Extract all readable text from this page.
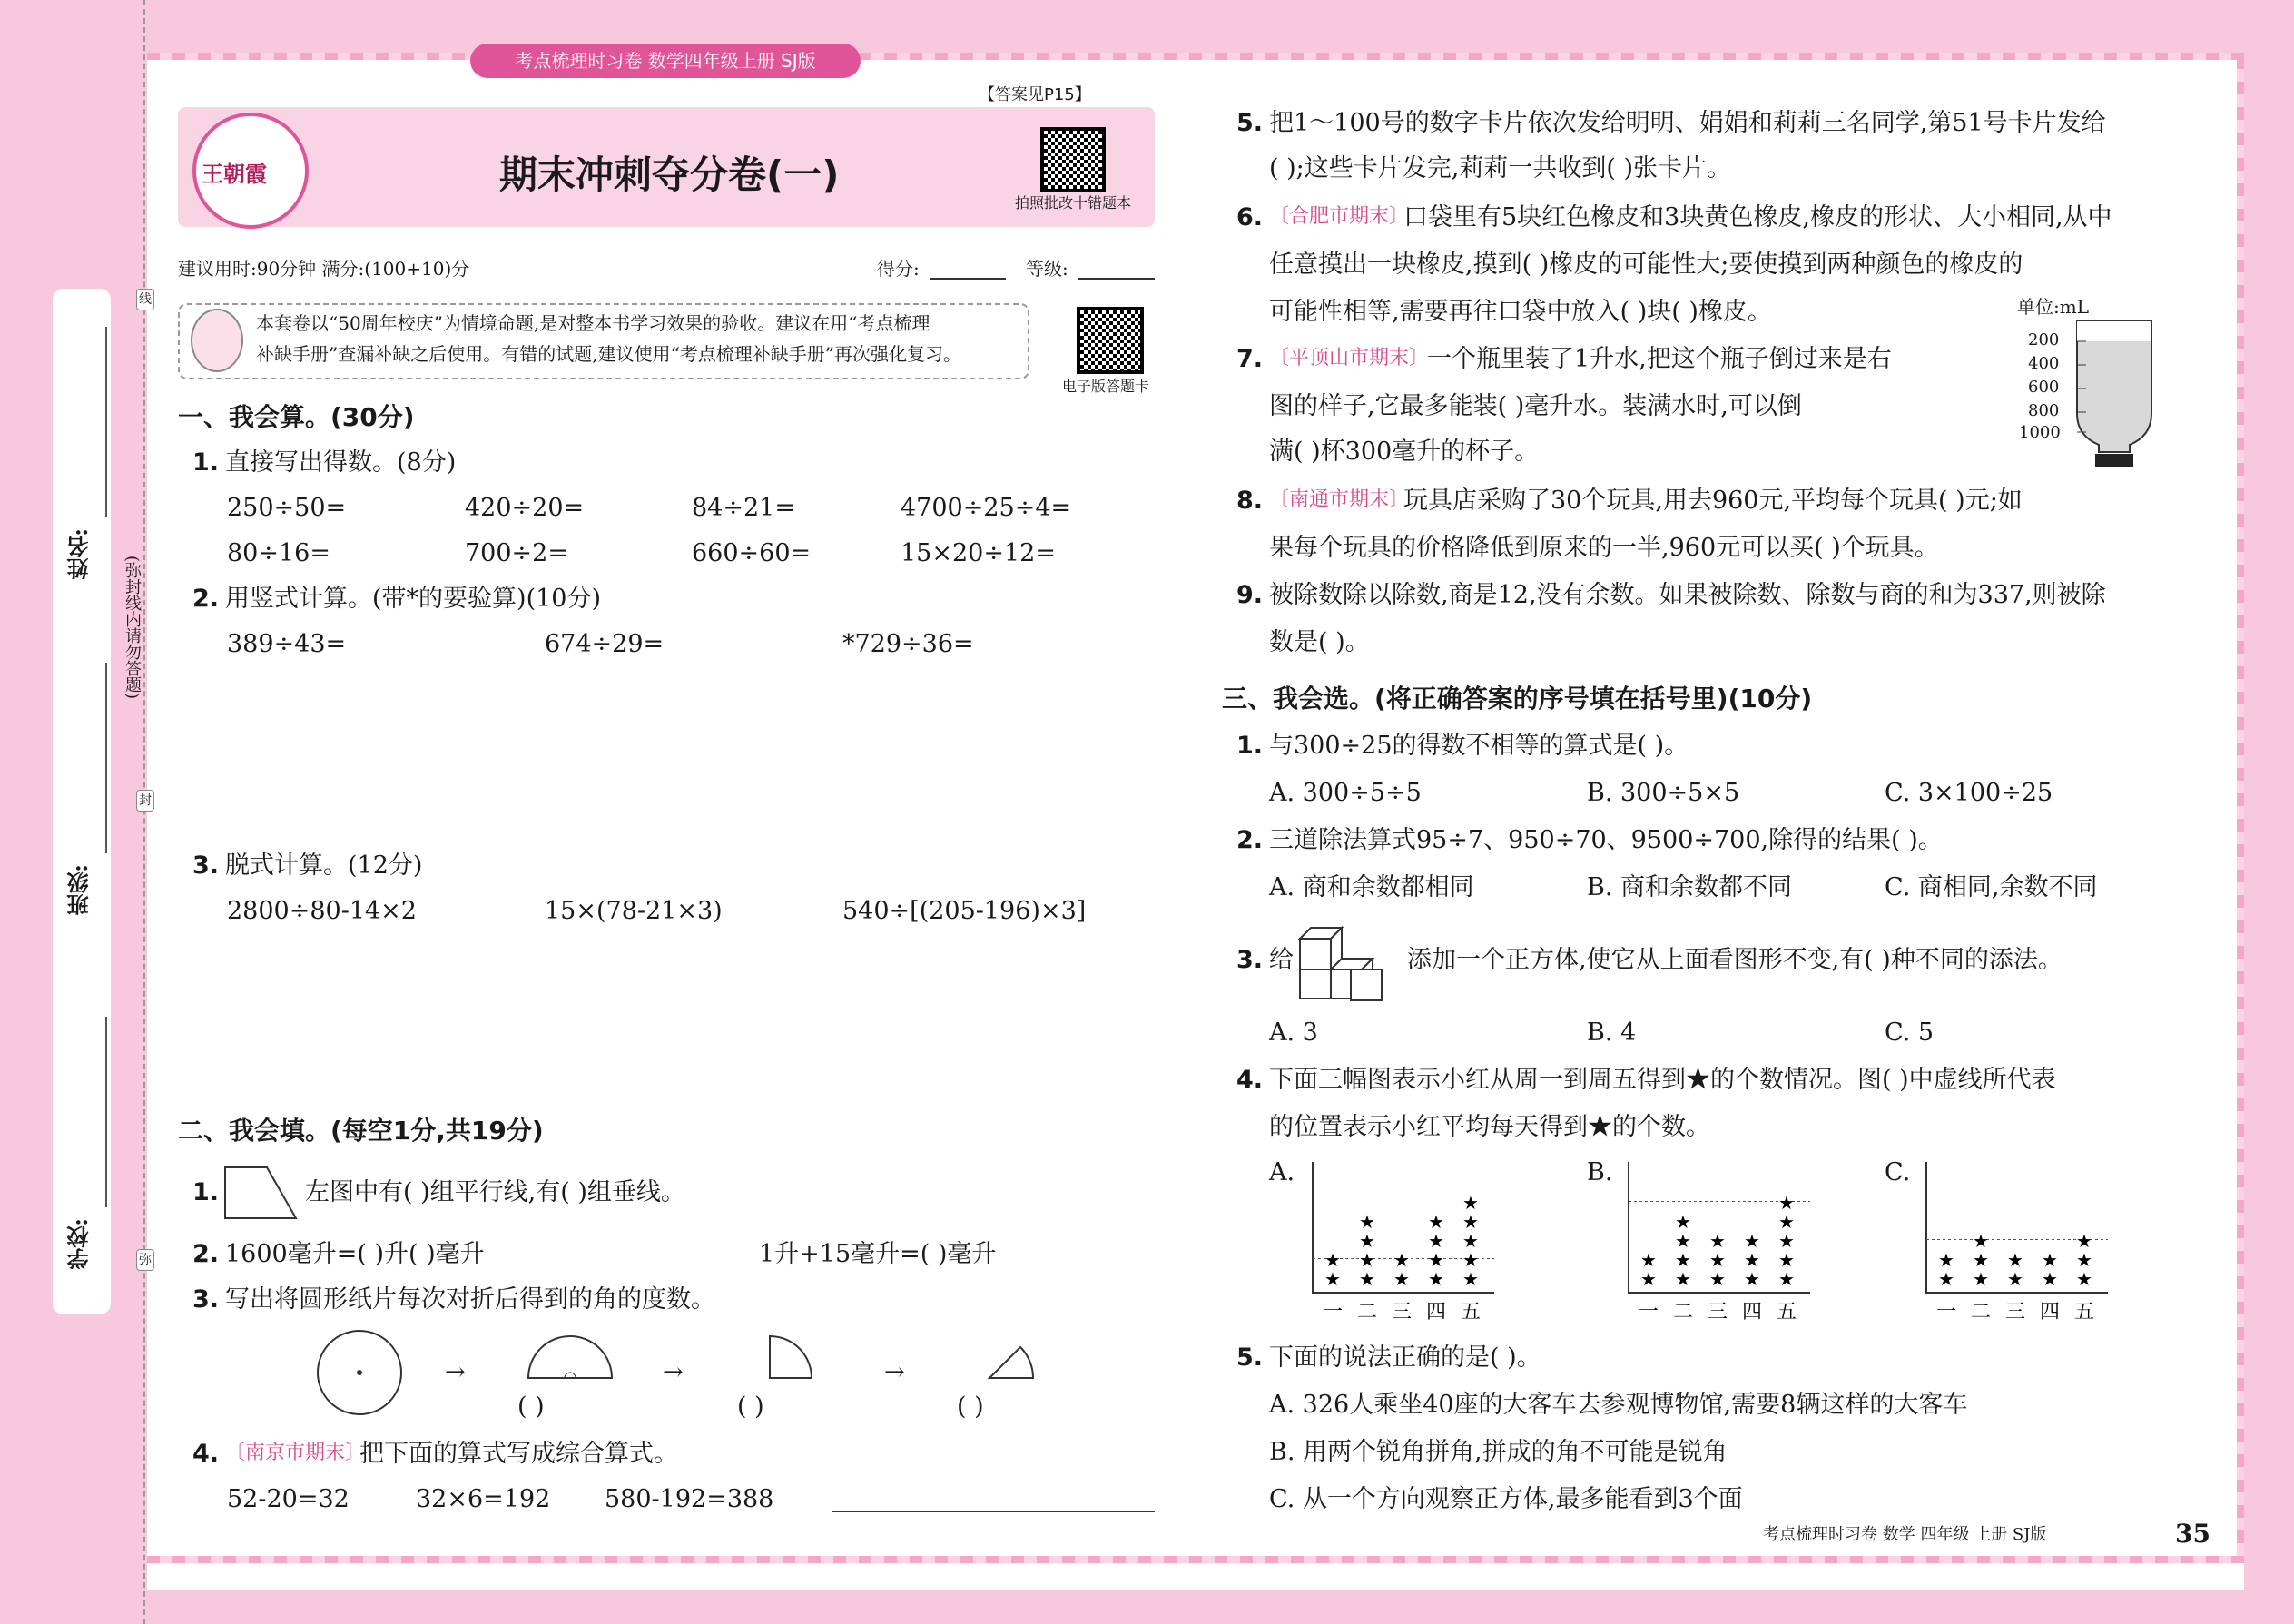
线
封
弥
姓名:
班级:
学校:
(弥封线内请勿答题)
考点梳理时习卷 数学四年级上册 SJ版
【答案见P15】
王朝霞	期末冲刺夺分卷(一)
拍照批改十错题本
建议用时:90分钟 满分:(100+10)分	得分:	等级:
本套卷以“50周年校庆”为情境命题,是对整本书学习效果的验收。建议在用“考点梳理
补缺手册”查漏补缺之后使用。有错的试题,建议使用“考点梳理补缺手册”再次强化复习。
电子版答题卡
一、我会算。(30分)
1. 直接写出得数。(8分)
250÷50=	420÷20=	84÷21=	4700÷25÷4=
80÷16=	700÷2=	660÷60=	15×20÷12=
2. 用竖式计算。(带*的要验算)(10分)
389÷43=	674÷29=	*729÷36=
3. 脱式计算。(12分)
2800÷80-14×2	15×(78-21×3)	540÷[(205-196)×3]
二、我会填。(每空1分,共19分)
1.	左图中有( )组平行线,有( )组垂线。
2. 1600毫升=( )升( )毫升	1升+15毫升=( )毫升
3. 写出将圆形纸片每次对折后得到的角的度数。
→	→	→
( )	( )	( )
4. 〔南京市期末〕
把下面的算式写成综合算式。
52-20=32	32×6=192 580-192=388
5. 把1～100号的数字卡片依次发给明明、娟娟和莉莉三名同学,第51号卡片发给
( );这些卡片发完,莉莉一共收到( )张卡片。
6. 〔合肥市期末〕
口袋里有5块红色橡皮和3块黄色橡皮,橡皮的形状、大小相同,从中
任意摸出一块橡皮,摸到( )橡皮的可能性大;要使摸到两种颜色的橡皮的
可能性相等,需要再往口袋中放入( )块( )橡皮。
7. 〔平顶山市期末〕
一个瓶里装了1升水,把这个瓶子倒过来是右
图的样子,它最多能装( )毫升水。装满水时,可以倒
满( )杯300毫升的杯子。
单位:mL
200
400
600
800
1000
8. 〔南通市期末〕
玩具店采购了30个玩具,用去960元,平均每个玩具( )元;如
果每个玩具的价格降低到原来的一半,960元可以买( )个玩具。
9. 被除数除以除数,商是12,没有余数。如果被除数、除数与商的和为337,则被除
数是( )。
三、我会选。(将正确答案的序号填在括号里)(10分)
1. 与300÷25的得数不相等的算式是( )。
A. 300÷5÷5	B. 300÷5×5	C. 3×100÷25
2. 三道除法算式95÷7、950÷70、9500÷700,除得的结果( )。
A. 商和余数都相同	B. 商和余数都不同	C. 商相同,余数不同
3. 给	添加一个正方体,使它从上面看图形不变,有( )种不同的添法。
A. 3	B. 4	C. 5
4. 下面三幅图表示小红从周一到周五得到★的个数情况。图( )中虚线所代表
的位置表示小红平均每天得到★的个数。
A.	B.	C.
★
★
一
★
★
★
★
二
★
★
三
★
★
★
★
四
★
★
★
★
★
五
★
★
一
★
★
★
★
二
★
★
★
三
★
★
★
四
★
★
★
★
★
五
★
★
一
★
★
★
二
★
★
三
★
★
四
★
★
★
五
5. 下面的说法正确的是( )。
A. 326人乘坐40座的大客车去参观博物馆,需要8辆这样的大客车
B. 用两个锐角拼角,拼成的角不可能是锐角
C. 从一个方向观察正方体,最多能看到3个面
考点梳理时习卷 数学 四年级 上册 SJ版	35
